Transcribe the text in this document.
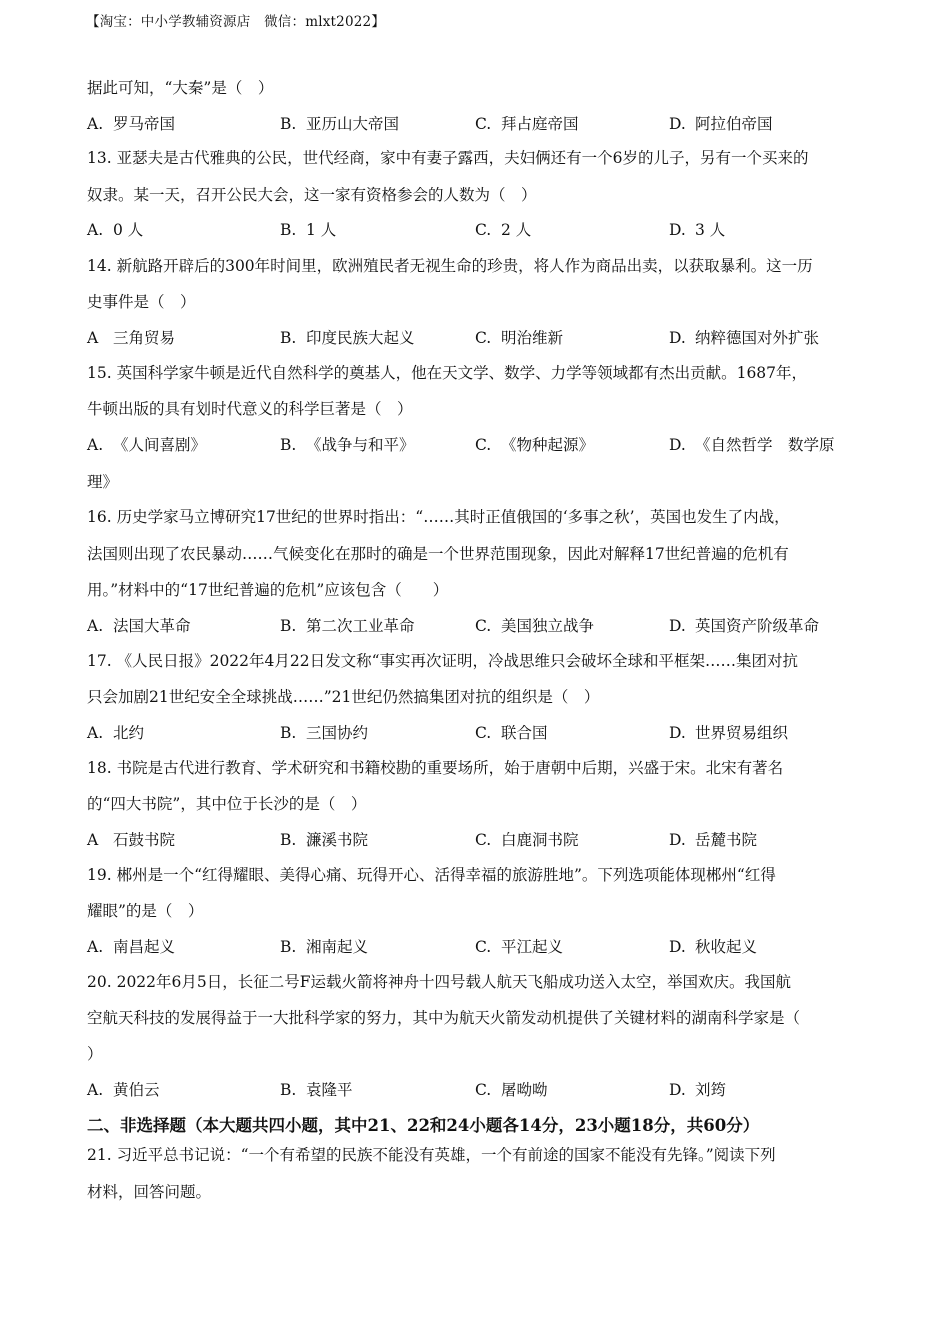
【淘宝：中小学教辅资源店　微信：mlxt2022】
据此可知，“大秦”是（　）
A. 罗马帝国	B. 亚历山大帝国	C. 拜占庭帝国	D. 阿拉伯帝国
13. 亚瑟夫是古代雅典的公民，世代经商，家中有妻子露西，夫妇俩还有一个6岁的儿子，另有一个买来的
奴隶。某一天，召开公民大会，这一家有资格参会的人数为（　）
A. 0 人	B. 1 人	C. 2 人	D. 3 人
14. 新航路开辟后的300年时间里，欧洲殖民者无视生命的珍贵，将人作为商品出卖，以获取暴利。这一历
史事件是（　）
A 三角贸易	B. 印度民族大起义	C. 明治维新	D. 纳粹德国对外扩张
15. 英国科学家牛顿是近代自然科学的奠基人，他在天文学、数学、力学等领域都有杰出贡献。1687年，
牛顿出版的具有划时代意义的科学巨著是（　）
A. 《人间喜剧》	B. 《战争与和平》	C. 《物种起源》	D. 《自然哲学　数学原
理》
16. 历史学家马立博研究17世纪的世界时指出：“……其时正值俄国的‘多事之秋’，英国也发生了内战，
法国则出现了农民暴动……气候变化在那时的确是一个世界范围现象，因此对解释17世纪普遍的危机有
用。”材料中的“17世纪普遍的危机”应该包含（　　）
A. 法国大革命	B. 第二次工业革命	C. 美国独立战争	D. 英国资产阶级革命
17. 《人民日报》2022年4月22日发文称“事实再次证明，冷战思维只会破坏全球和平框架……集团对抗
只会加剧21世纪安全全球挑战……”21世纪仍然搞集团对抗的组织是（　）
A. 北约	B. 三国协约	C. 联合国	D. 世界贸易组织
18. 书院是古代进行教育、学术研究和书籍校勘的重要场所，始于唐朝中后期，兴盛于宋。北宋有著名
的“四大书院”，其中位于长沙的是（　）
A 石鼓书院	B. 濂溪书院	C. 白鹿洞书院	D. 岳麓书院
19. 郴州是一个“红得耀眼、美得心痛、玩得开心、活得幸福的旅游胜地”。下列选项能体现郴州“红得
耀眼”的是（　）
A. 南昌起义	B. 湘南起义	C. 平江起义	D. 秋收起义
20. 2022年6月5日，长征二号F运载火箭将神舟十四号载人航天飞船成功送入太空，举国欢庆。我国航
空航天科技的发展得益于一大批科学家的努力，其中为航天火箭发动机提供了关键材料的湖南科学家是（
）
A. 黄伯云	B. 袁隆平	C. 屠呦呦	D. 刘筠
二、非选择题（本大题共四小题，其中21、22和24小题各14分，23小题18分，共60分）
21. 习近平总书记说：“一个有希望的民族不能没有英雄，一个有前途的国家不能没有先锋。”阅读下列
材料，回答问题。
